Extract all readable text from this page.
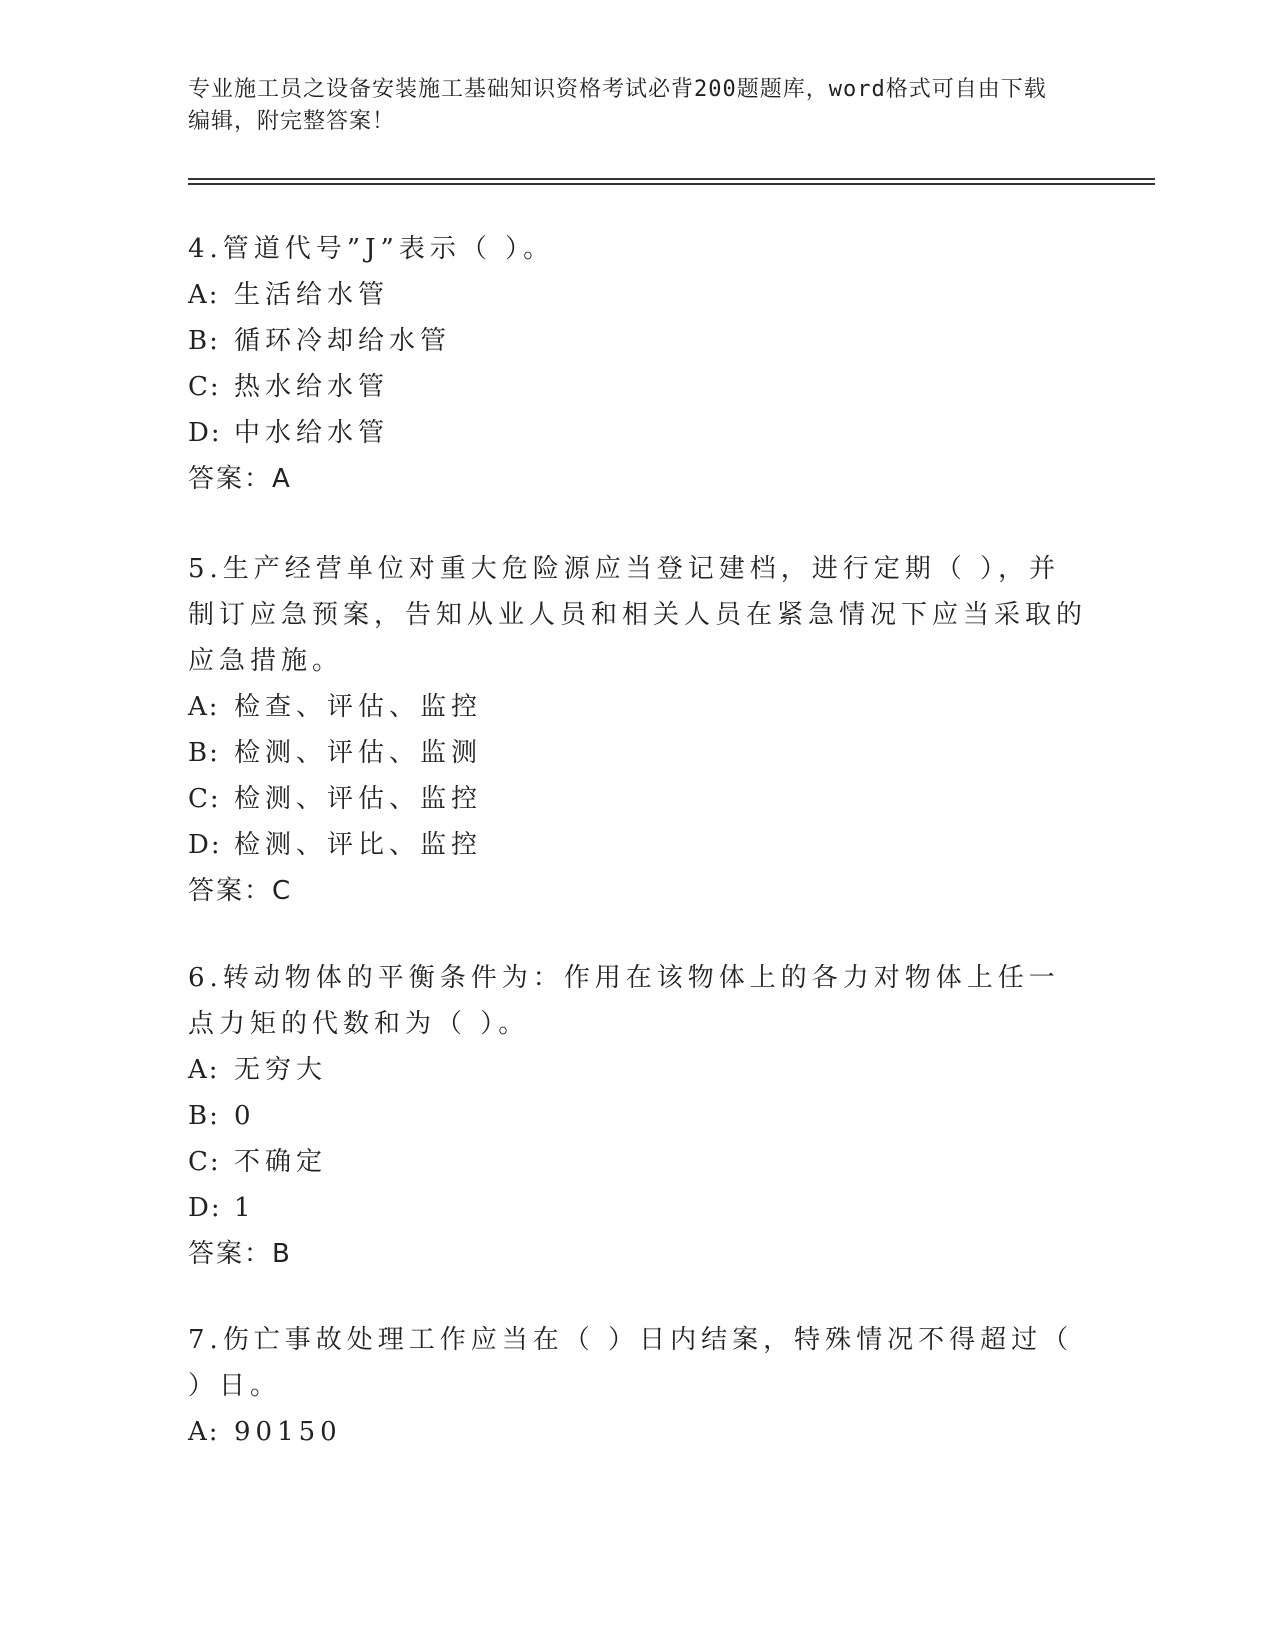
专业施工员之设备安装施工基础知识资格考试必背200题题库，word格式可自由下载编辑，附完整答案！

4.管道代号”J”表示（ ）。

A: 生活给水管

B: 循环冷却给水管

C: 热水给水管

D: 中水给水管

答案：A

5.生产经营单位对重大危险源应当登记建档，进行定期（ ），并制订应急预案，告知从业人员和相关人员在紧急情况下应当采取的应急措施。

A: 检查、评估、监控

B: 检测、评估、监测

C: 检测、评估、监控

D: 检测、评比、监控

答案：C

6.转动物体的平衡条件为：作用在该物体上的各力对物体上任一点力矩的代数和为（ ）。

A: 无穷大

B: 0

C: 不确定

D: 1

答案：B

7.伤亡事故处理工作应当在（ ）日内结案，特殊情况不得超过（ ）日。

A: 90150
